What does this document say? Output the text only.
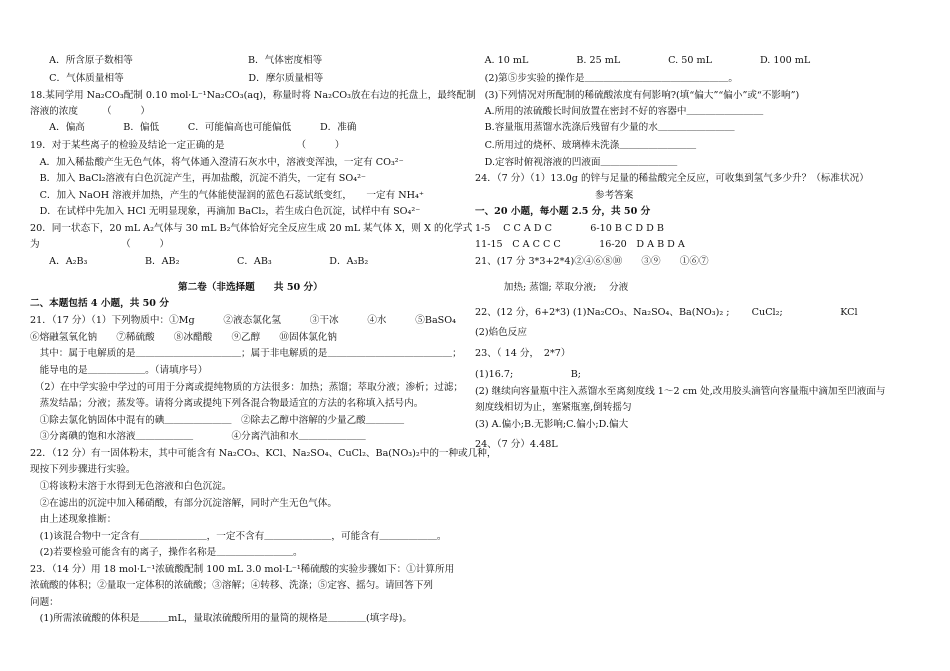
　　A．所含原子数相等　　　　　　　　　　　　B．气体密度相等
　　C．气体质量相等　　　　　　　　　　　　　D．摩尔质量相等
18.某同学用 Na₂CO₃配制 0.10 mol·L⁻¹Na₂CO₃(aq)，称量时将 Na₂CO₃放在右边的托盘上，最终配制
溶液的浓度　　　（　　　）
　　A．偏高　　　　B．偏低　　　C．可能偏高也可能偏低　　　D．准确
19．对于某些离子的检验及结论一定正确的是　　　　　　　　（　　　）
　A．加入稀盐酸产生无色气体，将气体通入澄清石灰水中，溶液变浑浊，一定有 CO₃²⁻
　B．加入 BaCl₂溶液有白色沉淀产生，再加盐酸，沉淀不消失，一定有 SO₄²⁻
　C．加入 NaOH 溶液并加热，产生的气体能使湿润的蓝色石蕊试纸变红，　　一定有 NH₄⁺
　D．在试样中先加入 HCl 无明显现象，再滴加 BaCl₂，若生成白色沉淀，试样中有 SO₄²⁻
20．同一状态下，20 mL A₂气体与 30 mL B₂气体恰好完全反应生成 20 mL 某气体 X，则 X 的化学式
为　　　　　　　　　（　　　）
　　A．A₂B₃　　　　　　B．AB₂　　　　　　C．AB₃　　　　　　D．A₃B₂
第二卷（非选择题　　共 50 分）
二、本题包括 4 小题，共 50 分
21．（17 分）（1）下列物质中：①Mg　　　②液态氯化氢　　　③干冰　　　④水　　　⑤BaSO₄
⑥熔融氢氧化钠　　⑦稀硫酸　　⑧冰醋酸　　⑨乙醇　　⑩固体氯化钠
　其中：属于电解质的是＿＿＿＿＿＿＿＿＿＿＿；属于非电解质的是＿＿＿＿＿＿＿＿＿＿＿＿＿；
　能导电的是＿＿＿＿＿＿。（请填序号）
　（2）在中学实验中学过的可用于分离或提纯物质的方法很多：加热；蒸馏；萃取分液；渗析；过滤；
　蒸发结晶；分液；蒸发等。请将分离或提纯下列各混合物最适宜的方法的名称填入括号内。
　①除去氯化钠固体中混有的碘＿＿＿＿＿＿＿　②除去乙醇中溶解的少量乙酸＿＿＿＿
　③分离碘的饱和水溶液＿＿＿＿＿＿　　　　④分离汽油和水＿＿＿＿＿＿＿
22．（12 分）有一固体粉末，其中可能含有 Na₂CO₃、KCl、Na₂SO₄、CuCl₂、Ba(NO₃)₂中的一种或几种，
现按下列步骤进行实验。
　①将该粉末溶于水得到无色溶液和白色沉淀。
　②在滤出的沉淀中加入稀硝酸，有部分沉淀溶解，同时产生无色气体。
　由上述现象推断：
　(1)该混合物中一定含有＿＿＿＿＿＿＿，一定不含有＿＿＿＿＿＿＿，可能含有＿＿＿＿＿＿。
　(2)若要检验可能含有的离子，操作名称是＿＿＿＿＿＿＿＿。
23．（14 分）用 18 mol·L⁻¹浓硫酸配制 100 mL 3.0 mol·L⁻¹稀硫酸的实验步骤如下：①计算所用
浓硫酸的体积；②量取一定体积的浓硫酸；③溶解；④转移、洗涤；⑤定容、摇匀。请回答下列
问题：
　(1)所需浓硫酸的体积是＿＿＿mL，量取浓硫酸所用的量筒的规格是＿＿＿＿(填字母)。
　A. 10 mL　　　　　B. 25 mL　　　　　C. 50 mL　　　　　D. 100 mL
　(2)第⑤步实验的操作是＿＿＿＿＿＿＿＿＿＿＿＿＿＿＿。
　(3)下列情况对所配制的稀硫酸浓度有何影响?(填“偏大”“偏小”或“不影响”)
　A.所用的浓硫酸长时间放置在密封不好的容器中＿＿＿＿＿＿＿＿
　B.容量瓶用蒸馏水洗涤后残留有少量的水＿＿＿＿＿＿＿＿
　C.所用过的烧杯、玻璃棒未洗涤＿＿＿＿＿＿＿＿
　D.定容时俯视溶液的凹液面＿＿＿＿＿＿＿＿
24．（7 分）（1）13.0g 的锌与足量的稀盐酸完全反应，可收集到氢气多少升？（标准状况）
参考答案
一、20 小题，每小题 2.5 分，共 50 分
1-5　 C C A D C　　　　6-10 B C D D B
11-15　C A C C C　　　　16-20　D A B D A
21、(17 分 3*3+2*4)②④⑥⑧⑩　　③⑨　　①⑥⑦
　　　加热; 蒸馏; 萃取分液; 　分液
22、(12 分，6+2*3) (1)Na₂CO₃、Na₂SO₄、Ba(NO₃)₂ ; 　　CuCl₂;　　　　　　KCl
(2)焰色反应
23、（ 14 分，　2*7）
(1)16.7;　　　　　　B;
(2) 继续向容量瓶中注入蒸馏水至离刻度线 1～2 cm 处,改用胶头滴管向容量瓶中滴加至凹液面与
刻度线相切为止，塞紧瓶塞,倒转摇匀
(3) A.偏小;B.无影响;C.偏小;D.偏大
24、（7 分）4.48L
